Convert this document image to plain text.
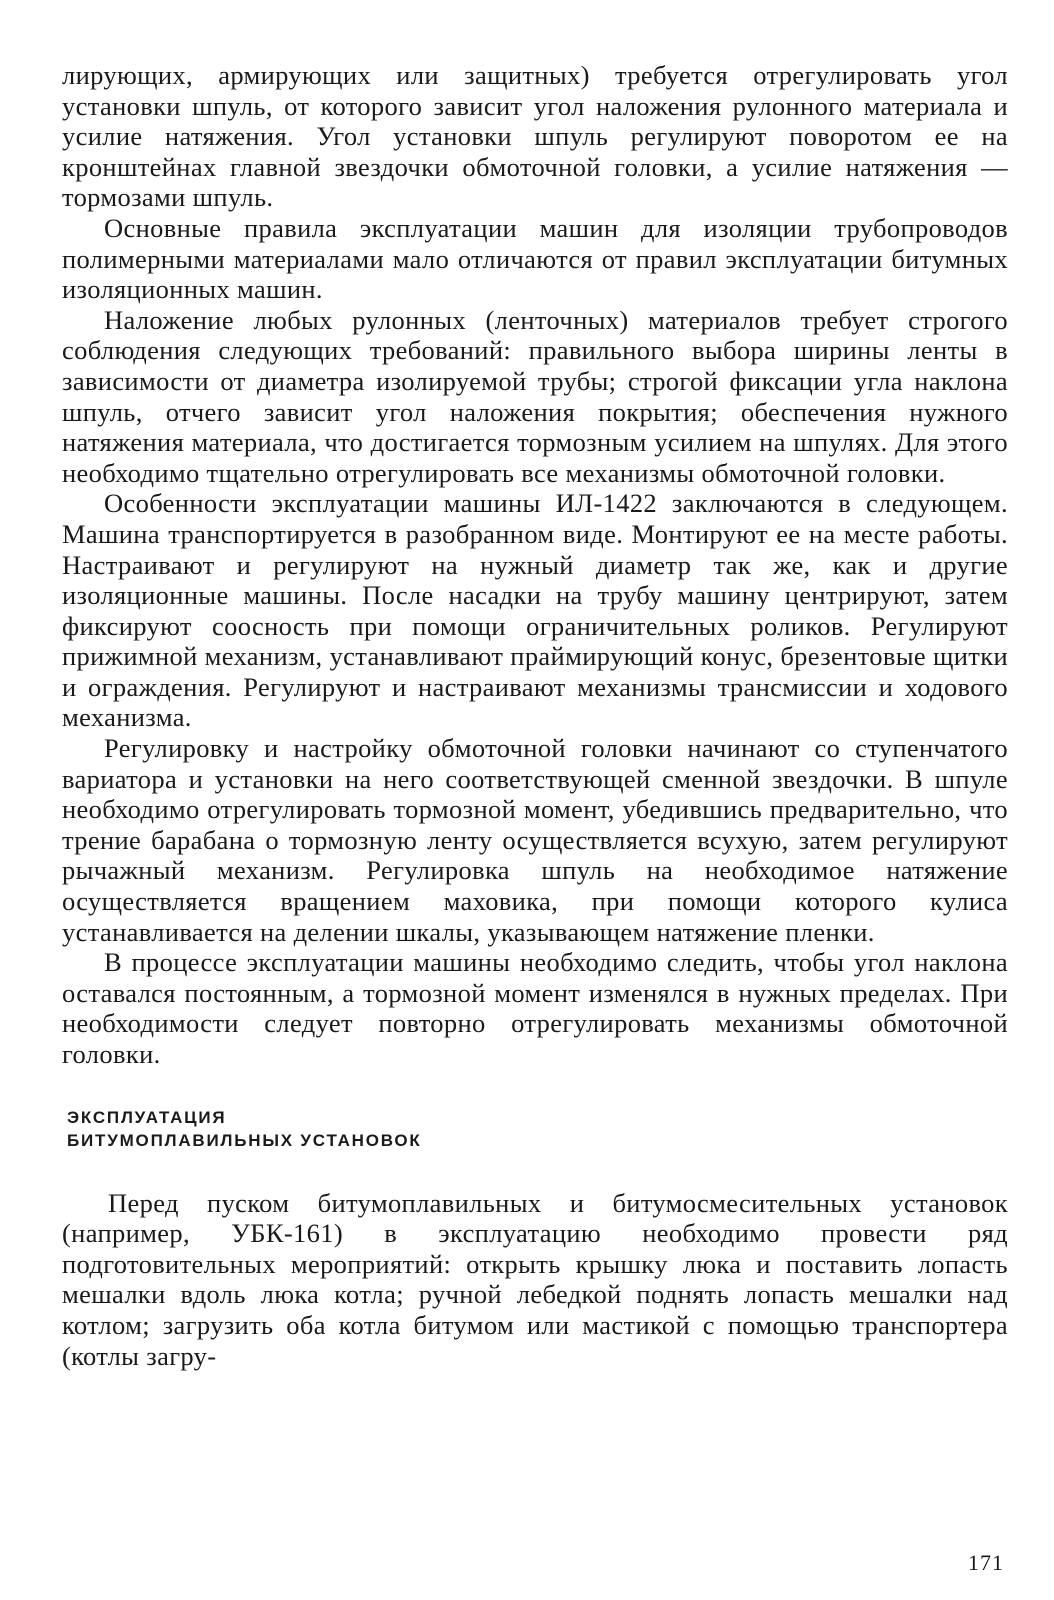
лирующих, армирующих или защитных) требуется отрегулировать угол установки шпуль, от которого зависит угол наложения рулонного материала и усилие натяжения. Угол установки шпуль регулируют поворотом ее на кронштейнах главной звездочки обмоточной головки, а усилие натяжения — тормозами шпуль.

Основные правила эксплуатации машин для изоляции трубопроводов полимерными материалами мало отличаются от правил эксплуатации битумных изоляционных машин.

Наложение любых рулонных (ленточных) материалов требует строгого соблюдения следующих требований: правильного выбора ширины ленты в зависимости от диаметра изолируемой трубы; строгой фиксации угла наклона шпуль, отчего зависит угол наложения покрытия; обеспечения нужного натяжения материала, что достигается тормозным усилием на шпулях. Для этого необходимо тщательно отрегулировать все механизмы обмоточной головки.

Особенности эксплуатации машины ИЛ-1422 заключаются в следующем. Машина транспортируется в разобранном виде. Монтируют ее на месте работы. Настраивают и регулируют на нужный диаметр так же, как и другие изоляционные машины. После насадки на трубу машину центрируют, затем фиксируют соосность при помощи ограничительных роликов. Регулируют прижимной механизм, устанавливают праймирующий конус, брезентовые щитки и ограждения. Регулируют и настраивают механизмы трансмиссии и ходового механизма.

Регулировку и настройку обмоточной головки начинают со ступенчатого вариатора и установки на него соответствующей сменной звездочки. В шпуле необходимо отрегулировать тормозной момент, убедившись предварительно, что трение барабана о тормозную ленту осуществляется всухую, затем регулируют рычажный механизм. Регулировка шпуль на необходимое натяжение осуществляется вращением маховика, при помощи которого кулиса устанавливается на делении шкалы, указывающем натяжение пленки.

В процессе эксплуатации машины необходимо следить, чтобы угол наклона оставался постоянным, а тормозной момент изменялся в нужных пределах. При необходимости следует повторно отрегулировать механизмы обмоточной головки.

ЭКСПЛУАТАЦИЯ
БИТУМОПЛАВИЛЬНЫХ УСТАНОВОК

Перед пуском битумоплавильных и битумосмесительных установок (например, УБК-161) в эксплуатацию необходимо провести ряд подготовительных мероприятий: открыть крышку люка и поставить лопасть мешалки вдоль люка котла; ручной лебедкой поднять лопасть мешалки над котлом; загрузить оба котла битумом или мастикой с помощью транспортера (котлы загру-

171
